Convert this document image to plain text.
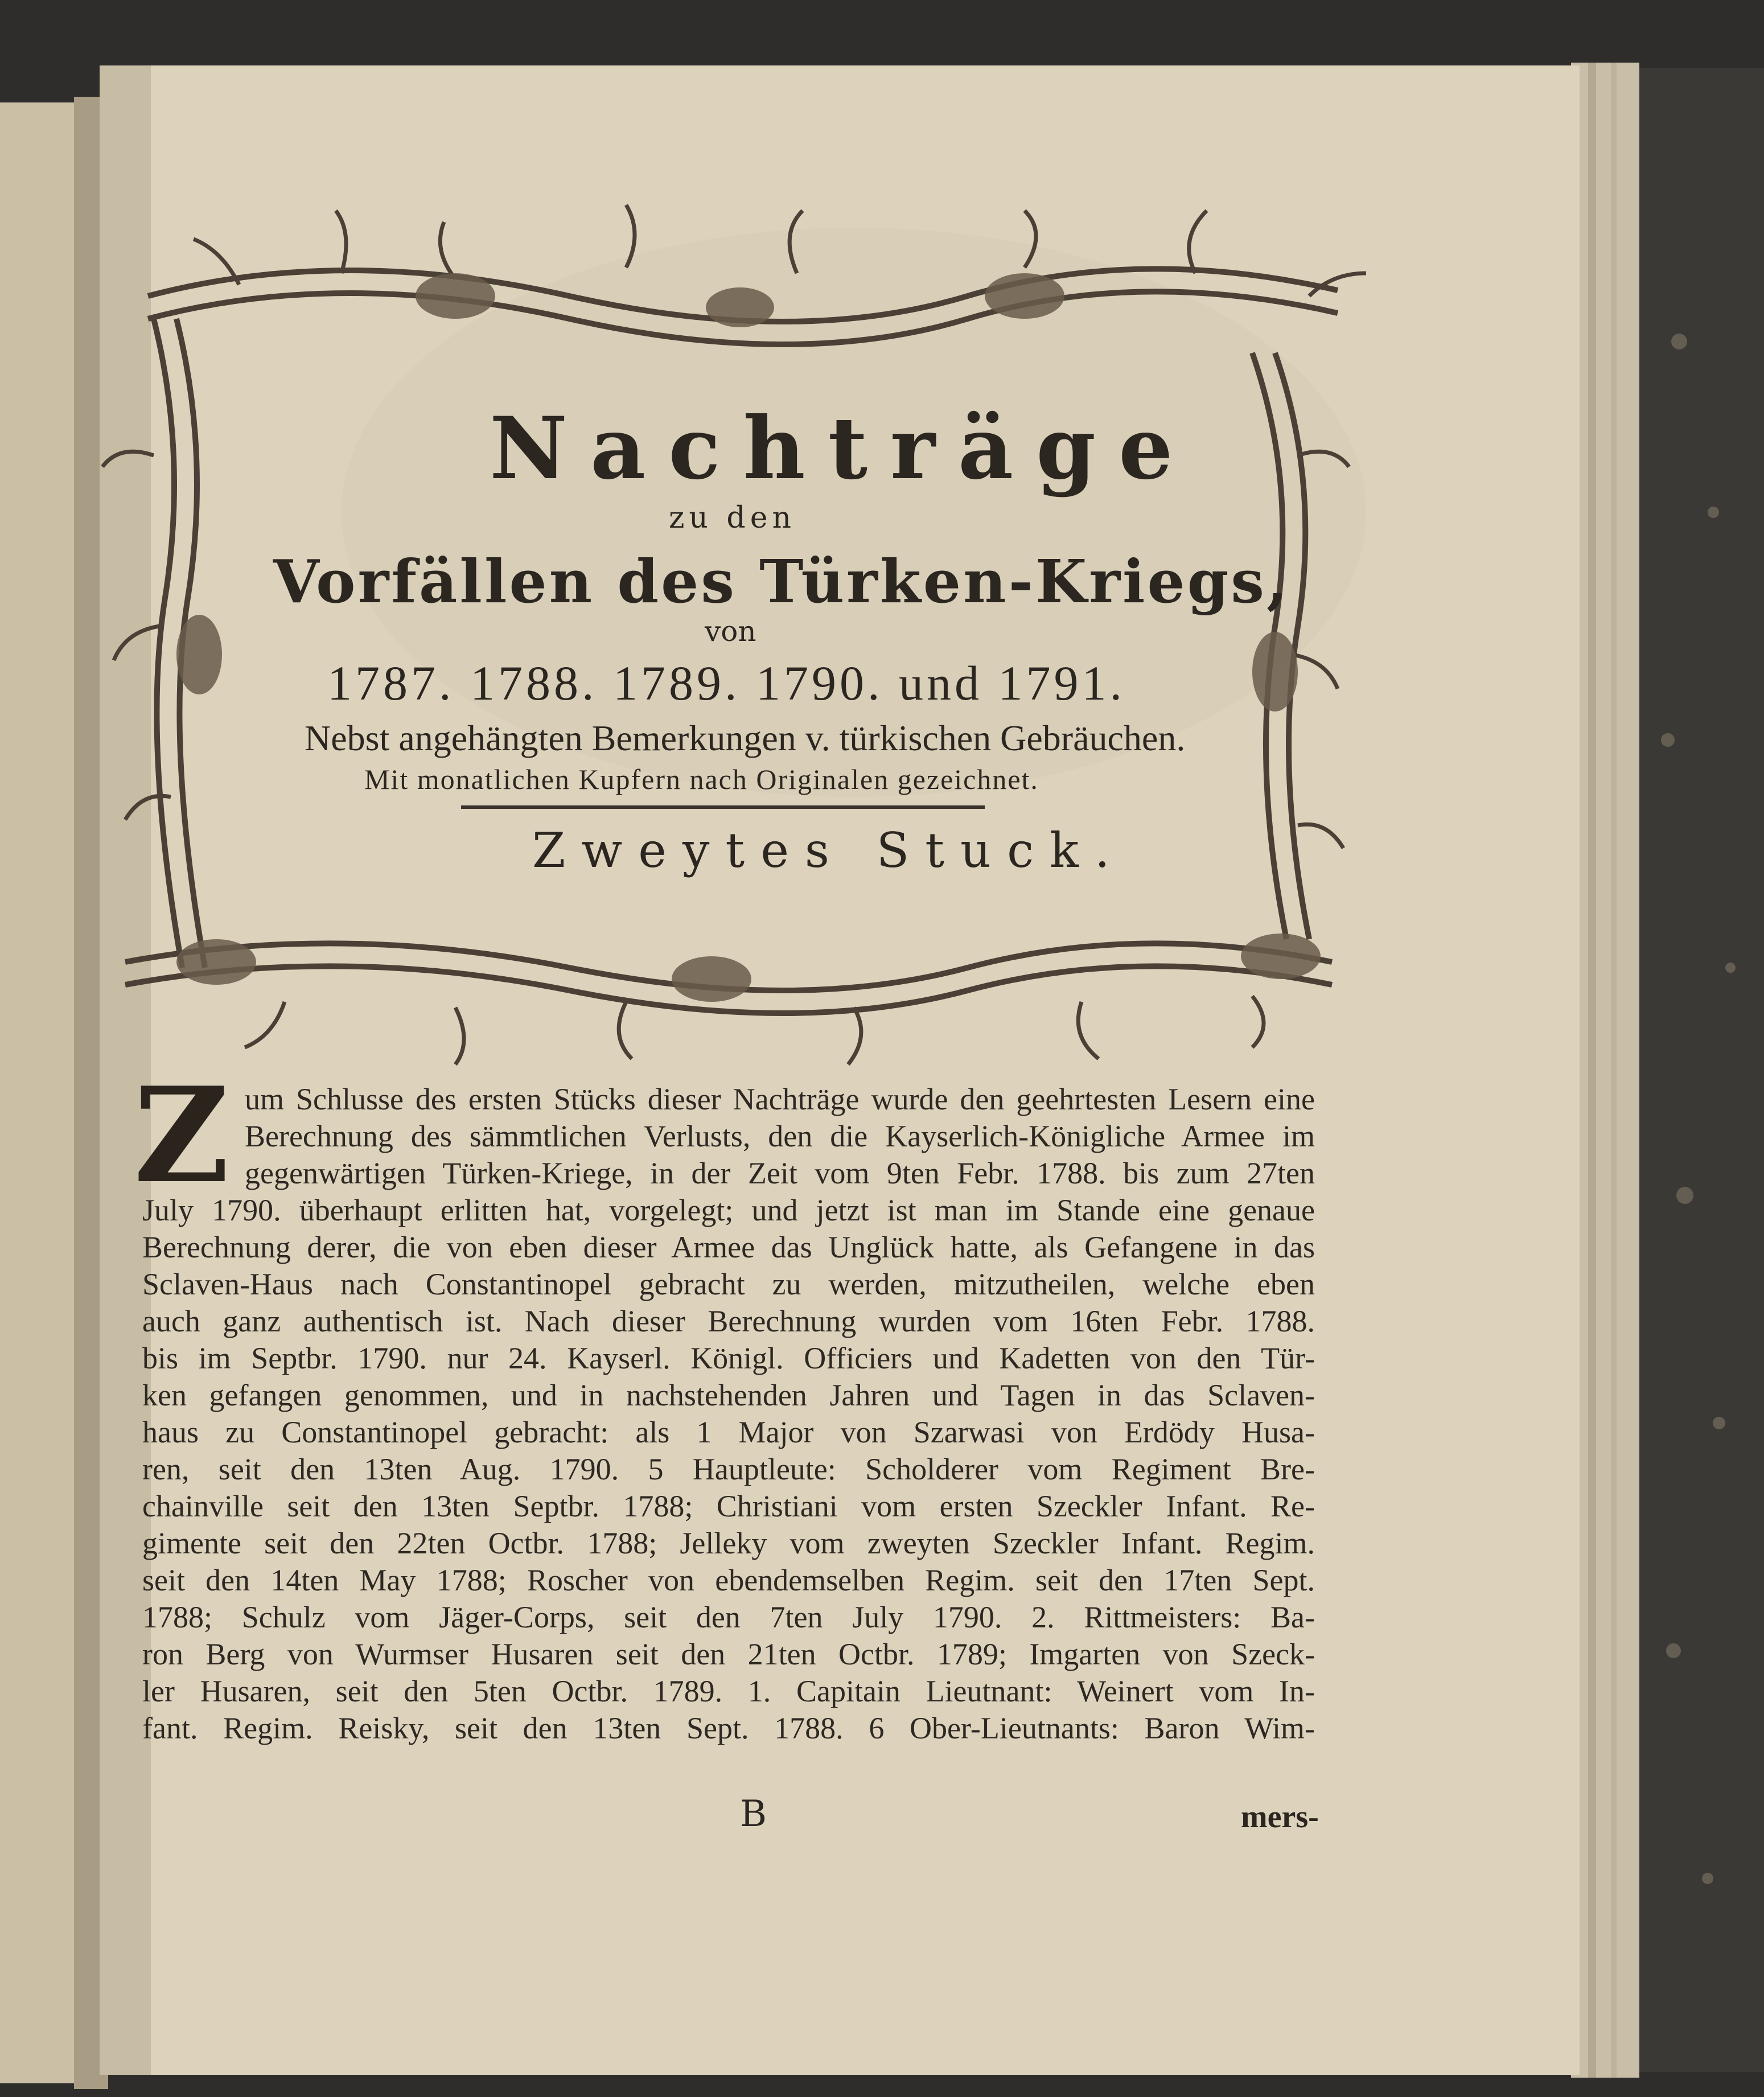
Nachträge
zu den
Vorfällen des Türken-Kriegs,
von
1787. 1788. 1789. 1790. und 1791.
Nebst angehängten Bemerkungen v. türkischen Gebräuchen.
Mit monatlichen Kupfern nach Originalen gezeichnet.
Zweytes Stuck.
Z um Schlusse des ersten Stücks dieser Nachträge wurde den geehrtesten Lesern eine
Berechnung des sämmtlichen Verlusts, den die Kayserlich-Königliche Armee im
gegenwärtigen Türken-Kriege, in der Zeit vom 9ten Febr. 1788. bis zum 27ten
July 1790. überhaupt erlitten hat, vorgelegt; und jetzt ist man im Stande eine genaue
Berechnung derer, die von eben dieser Armee das Unglück hatte, als Gefangene in das
Sclaven-Haus nach Constantinopel gebracht zu werden, mitzutheilen, welche eben
auch ganz authentisch ist. Nach dieser Berechnung wurden vom 16ten Febr. 1788.
bis im Septbr. 1790. nur 24. Kayserl. Königl. Officiers und Kadetten von den Tür-
ken gefangen genommen, und in nachstehenden Jahren und Tagen in das Sclaven-
haus zu Constantinopel gebracht: als 1 Major von Szarwasi von Erdödy Husa-
ren, seit den 13ten Aug. 1790. 5 Hauptleute: Scholderer vom Regiment Bre-
chainville seit den 13ten Septbr. 1788; Christiani vom ersten Szeckler Infant. Re-
gimente seit den 22ten Octbr. 1788; Jelleky vom zweyten Szeckler Infant. Regim.
seit den 14ten May 1788; Roscher von ebendemselben Regim. seit den 17ten Sept.
1788; Schulz vom Jäger-Corps, seit den 7ten July 1790. 2. Rittmeisters: Ba-
ron Berg von Wurmser Husaren seit den 21ten Octbr. 1789; Imgarten von Szeck-
ler Husaren, seit den 5ten Octbr. 1789. 1. Capitain Lieutnant: Weinert vom In-
fant. Regim. Reisky, seit den 13ten Sept. 1788. 6 Ober-Lieutnants: Baron Wim-
B	mers-
